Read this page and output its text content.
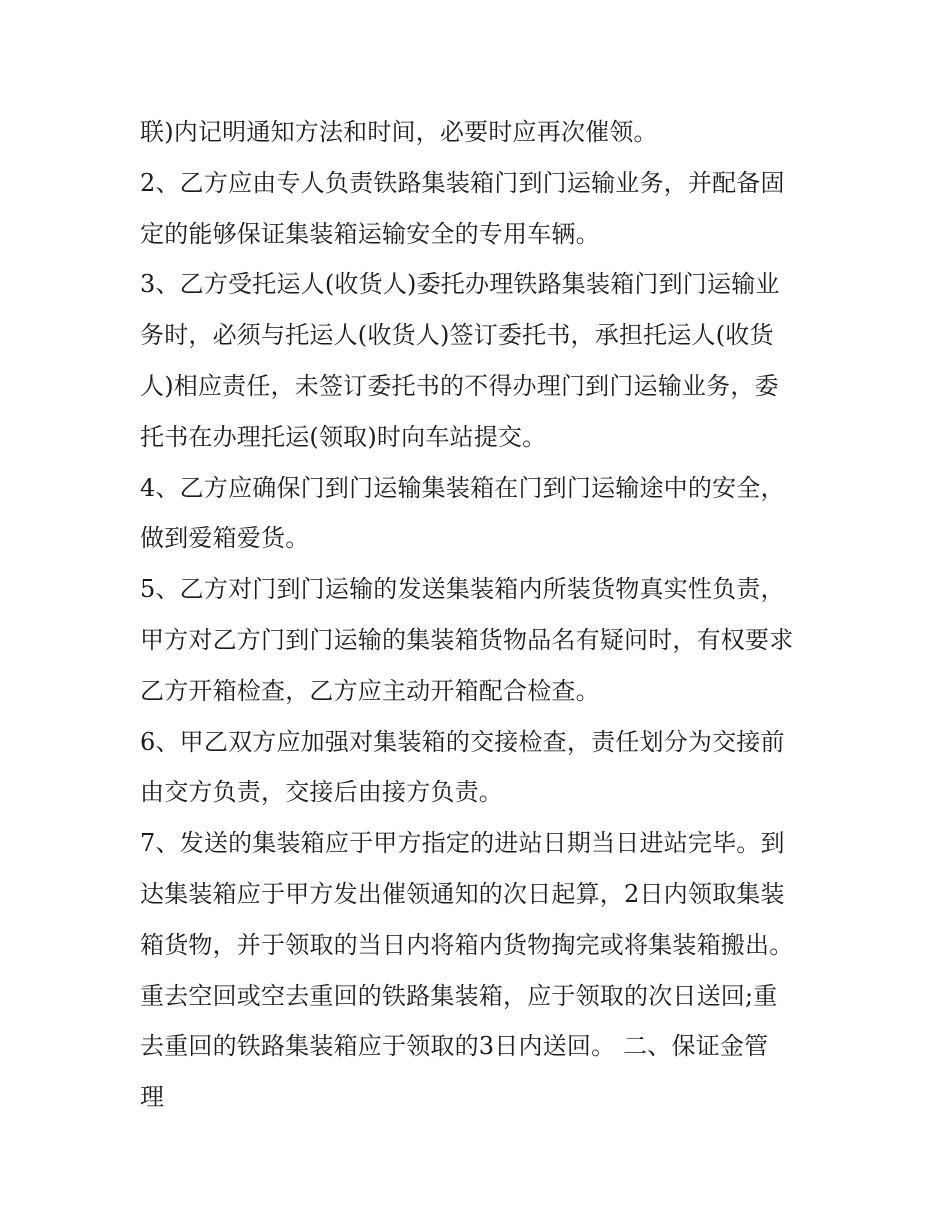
联)内记明通知方法和时间，必要时应再次催领。
2、乙方应由专人负责铁路集装箱门到门运输业务，并配备固
定的能够保证集装箱运输安全的专用车辆。
3、乙方受托运人(收货人)委托办理铁路集装箱门到门运输业
务时，必须与托运人(收货人)签订委托书，承担托运人(收货
人)相应责任，未签订委托书的不得办理门到门运输业务，委
托书在办理托运(领取)时向车站提交。
4、乙方应确保门到门运输集装箱在门到门运输途中的安全，
做到爱箱爱货。
5、乙方对门到门运输的发送集装箱内所装货物真实性负责，
甲方对乙方门到门运输的集装箱货物品名有疑问时，有权要求
乙方开箱检查，乙方应主动开箱配合检查。
6、甲乙双方应加强对集装箱的交接检查，责任划分为交接前
由交方负责，交接后由接方负责。
7、发送的集装箱应于甲方指定的进站日期当日进站完毕。到
达集装箱应于甲方发出催领通知的次日起算，2日内领取集装
箱货物，并于领取的当日内将箱内货物掏完或将集装箱搬出。
重去空回或空去重回的铁路集装箱，应于领取的次日送回;重
去重回的铁路集装箱应于领取的3日内送回。 二、保证金管
理
